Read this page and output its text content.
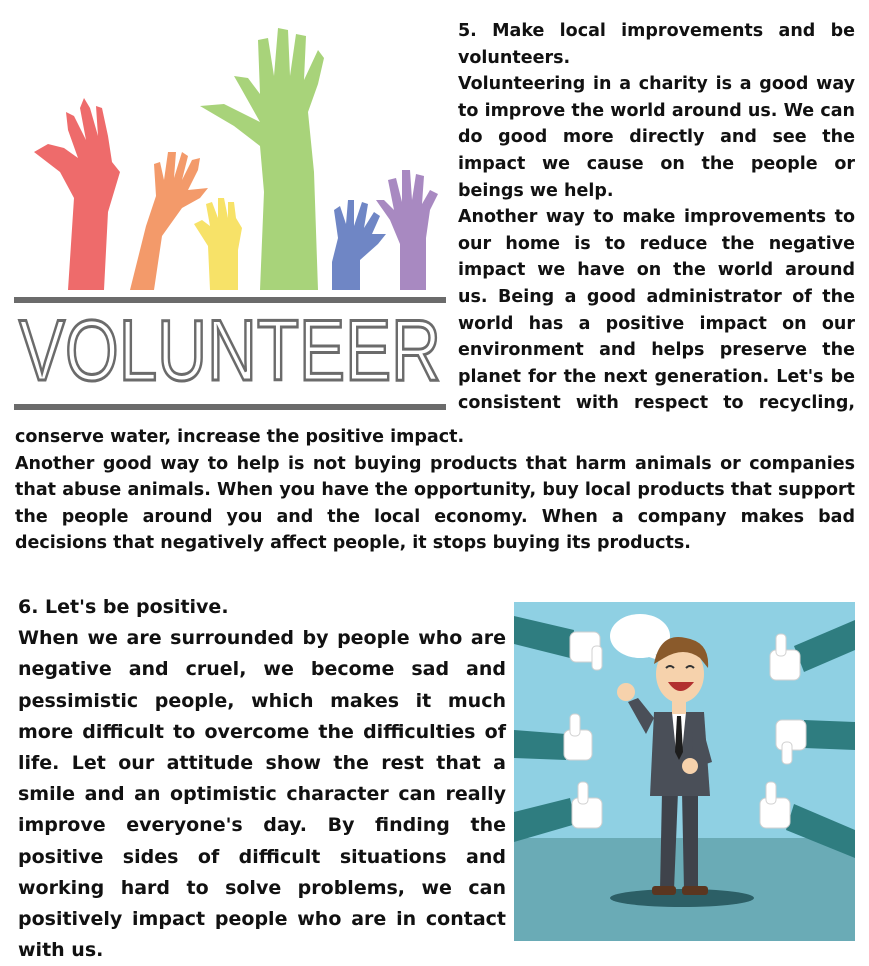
VOLUNTEER

5. Make local improvements and be volunteers.

Volunteering in a charity is a good way to improve the world around us. We can do good more directly and see the impact we cause on the people or beings we help.

Another way to make improvements to our home is to reduce the negative impact we have on the world around us. Being a good administrator of the world has a positive impact on our environment and helps preserve the planet for the next generation. Let's be consistent with respect to recycling,

conserve water, increase the positive impact.

Another good way to help is not buying products that harm animals or companies that abuse animals. When you have the opportunity, buy local products that support the people around you and the local economy. When a company makes bad decisions that negatively affect people, it stops buying its products.

6. Let's be positive.

When we are surrounded by people who are negative and cruel, we become sad and pessimistic people, which makes it much more difficult to overcome the difficulties of life. Let our attitude show the rest that a smile and an optimistic character can really improve everyone's day. By finding the positive sides of difficult situations and working hard to solve problems, we can positively impact people who are in contact with us.
